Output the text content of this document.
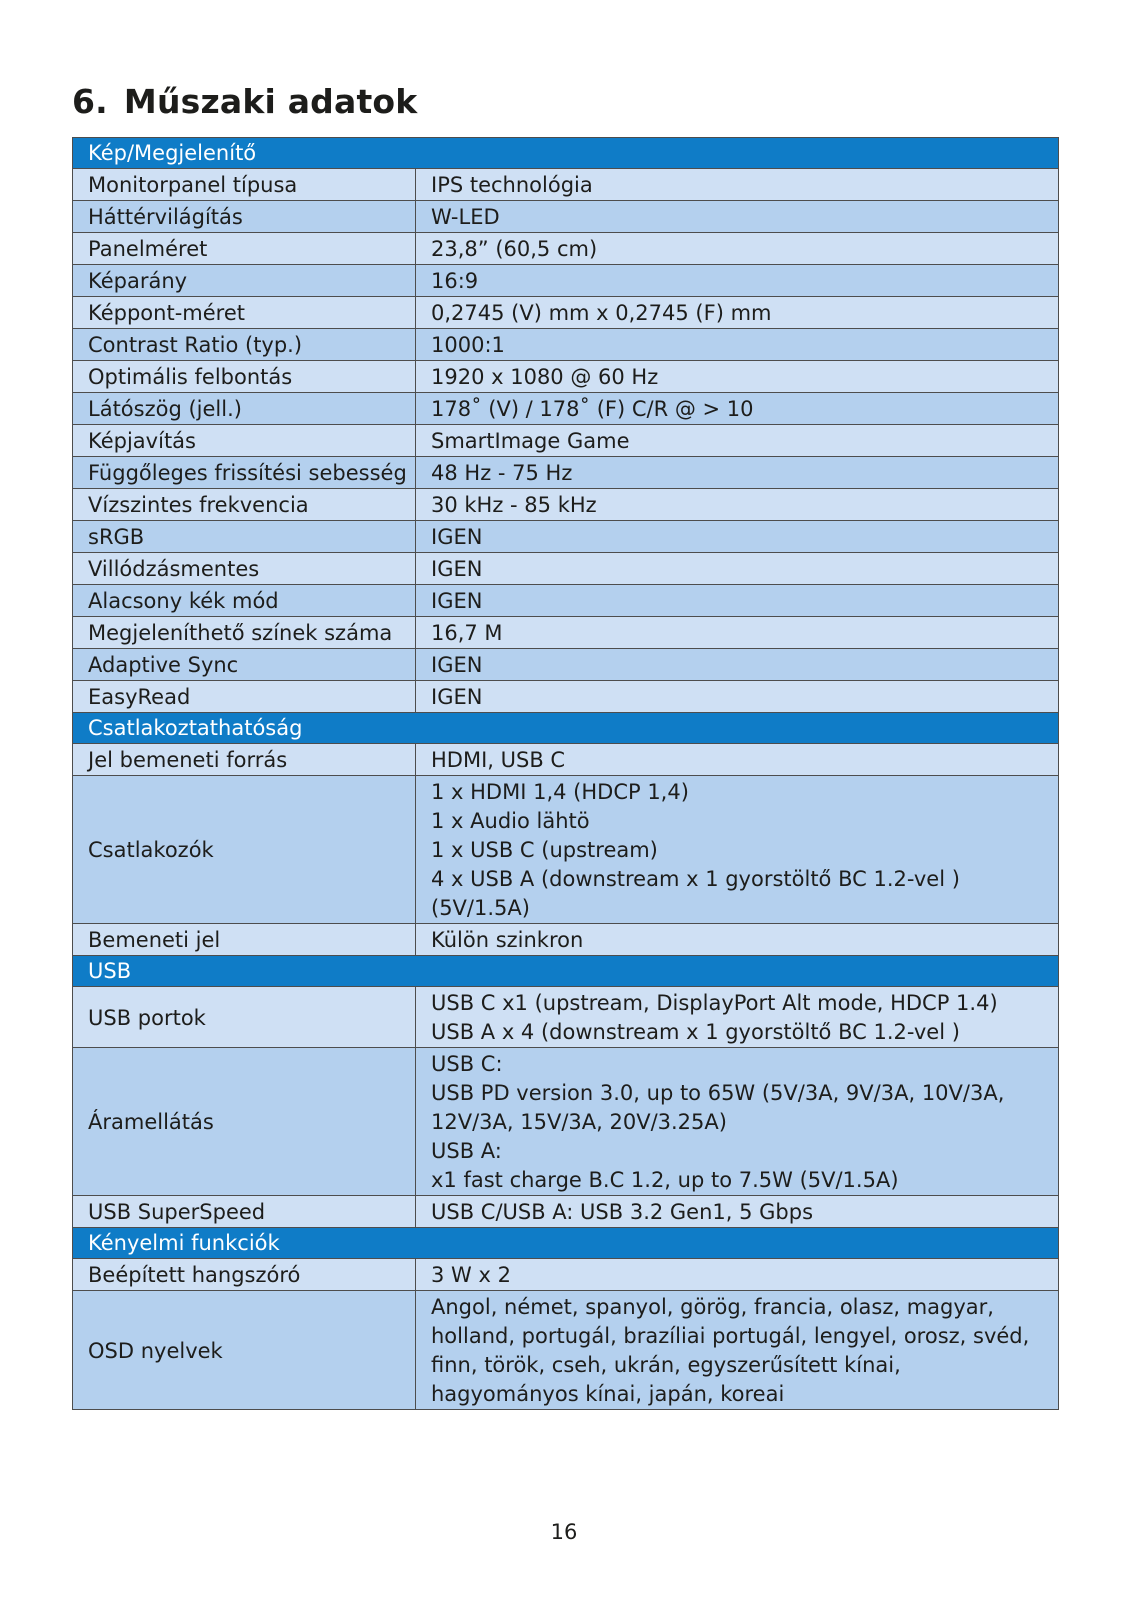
6. Műszaki adatok
Kép/Megjelenítő	
Monitorpanel típusa	IPS technológia

Háttérvilágítás	W-LED

Panelméret	23,8” (60,5 cm)

Képarány	16:9

Képpont-méret	0,2745 (V) mm x 0,2745 (F) mm

Contrast Ratio (typ.)	1000:1

Optimális felbontás	1920 x 1080 @ 60 Hz

Látószög (jell.)	178˚ (V) / 178˚ (F) C/R @ > 10

Képjavítás	SmartImage Game

Függőleges frissítési sebesség	48 Hz - 75 Hz

Vízszintes frekvencia	30 kHz - 85 kHz

sRGB	IGEN

Villódzásmentes	IGEN

Alacsony kék mód	IGEN

Megjeleníthető színek száma	16,7 M

Adaptive Sync	IGEN

EasyRead	IGEN

Csatlakoztathatóság	
Jel bemeneti forrás	HDMI, USB C

Csatlakozók	1 x HDMI 1,4 (HDCP 1,4)
1 x Audio lähtö
1 x USB C (upstream)
4 x USB A (downstream x 1 gyorstöltő BC 1.2-vel ) (5V/1.5A)

Bemeneti jel	Külön szinkron

USB	
USB portok	USB C x1 (upstream, DisplayPort Alt mode, HDCP 1.4)
USB A x 4 (downstream x 1 gyorstöltő BC 1.2-vel )

Áramellátás	USB C:
USB PD version 3.0, up to 65W (5V/3A, 9V/3A, 10V/3A, 12V/3A, 15V/3A, 20V/3.25A)
USB A:
x1 fast charge B.C 1.2, up to 7.5W (5V/1.5A)

USB SuperSpeed	USB C/USB A: USB 3.2 Gen1, 5 Gbps

Kényelmi funkciók	
Beépített hangszóró	3 W x 2

OSD nyelvek	Angol, német, spanyol, görög, francia, olasz, magyar, holland, portugál, brazíliai portugál, lengyel, orosz, svéd, finn, török, cseh, ukrán, egyszerűsített kínai, hagyományos kínai, japán, koreai
16
